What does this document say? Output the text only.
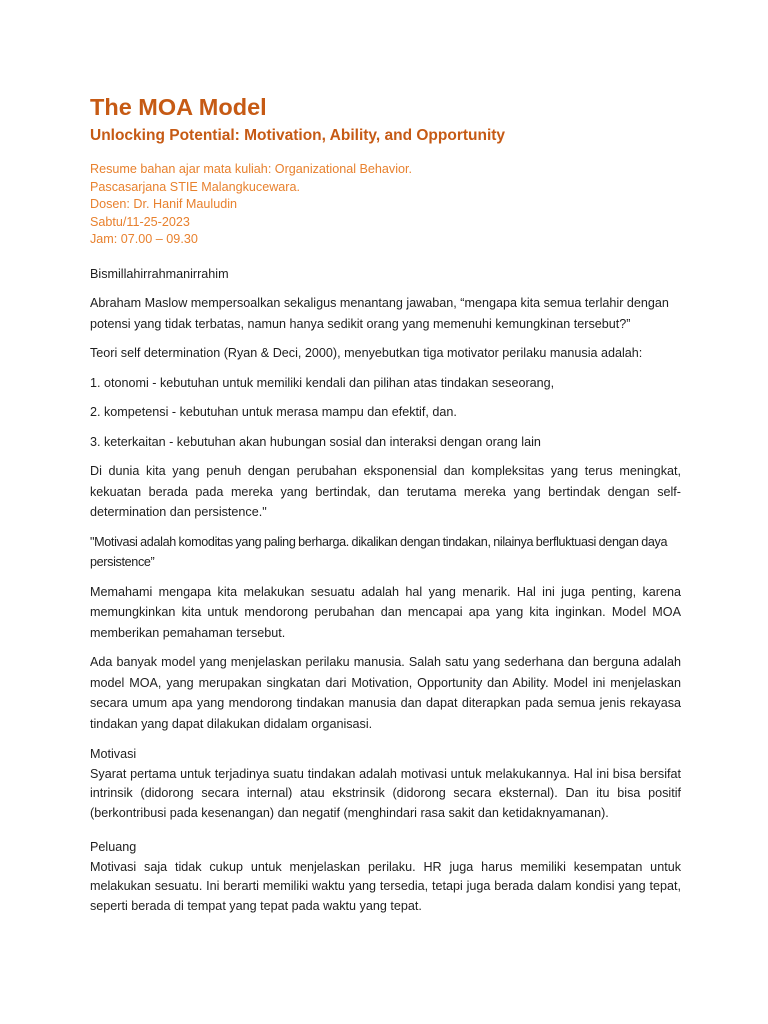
The MOA Model
Unlocking Potential: Motivation, Ability, and Opportunity
Resume bahan ajar mata kuliah: Organizational Behavior.
Pascasarjana STIE Malangkucewara.
Dosen: Dr. Hanif Mauludin
Sabtu/11-25-2023
Jam: 07.00 – 09.30

Bismillahirrahmanirrahim

Abraham Maslow mempersoalkan sekaligus menantang jawaban, “mengapa kita semua terlahir dengan potensi yang tidak terbatas, namun hanya sedikit orang yang memenuhi kemungkinan tersebut?”

Teori self determination (Ryan & Deci, 2000), menyebutkan tiga motivator perilaku manusia adalah:

1. otonomi - kebutuhan untuk memiliki kendali dan pilihan atas tindakan seseorang,

2. kompetensi - kebutuhan untuk merasa mampu dan efektif, dan.

3. keterkaitan - kebutuhan akan hubungan sosial dan interaksi dengan orang lain

Di dunia kita yang penuh dengan perubahan eksponensial dan kompleksitas yang terus meningkat, kekuatan berada pada mereka yang bertindak, dan terutama mereka yang bertindak dengan self-determination dan persistence."

"Motivasi adalah komoditas yang paling berharga. dikalikan dengan tindakan, nilainya berfluktuasi dengan daya persistence”

Memahami mengapa kita melakukan sesuatu adalah hal yang menarik. Hal ini juga penting, karena memungkinkan kita untuk mendorong perubahan dan mencapai apa yang kita inginkan. Model MOA memberikan pemahaman tersebut.

Ada banyak model yang menjelaskan perilaku manusia. Salah satu yang sederhana dan berguna adalah model MOA, yang merupakan singkatan dari Motivation, Opportunity dan Ability. Model ini menjelaskan secara umum apa yang mendorong tindakan manusia dan dapat diterapkan pada semua jenis rekayasa tindakan yang dapat dilakukan didalam organisasi.

Motivasi
Syarat pertama untuk terjadinya suatu tindakan adalah motivasi untuk melakukannya. Hal ini bisa bersifat intrinsik (didorong secara internal) atau ekstrinsik (didorong secara eksternal). Dan itu bisa positif (berkontribusi pada kesenangan) dan negatif (menghindari rasa sakit dan ketidaknyamanan).
Peluang
Motivasi saja tidak cukup untuk menjelaskan perilaku. HR juga harus memiliki kesempatan untuk melakukan sesuatu. Ini berarti memiliki waktu yang tersedia, tetapi juga berada dalam kondisi yang tepat, seperti berada di tempat yang tepat pada waktu yang tepat.
